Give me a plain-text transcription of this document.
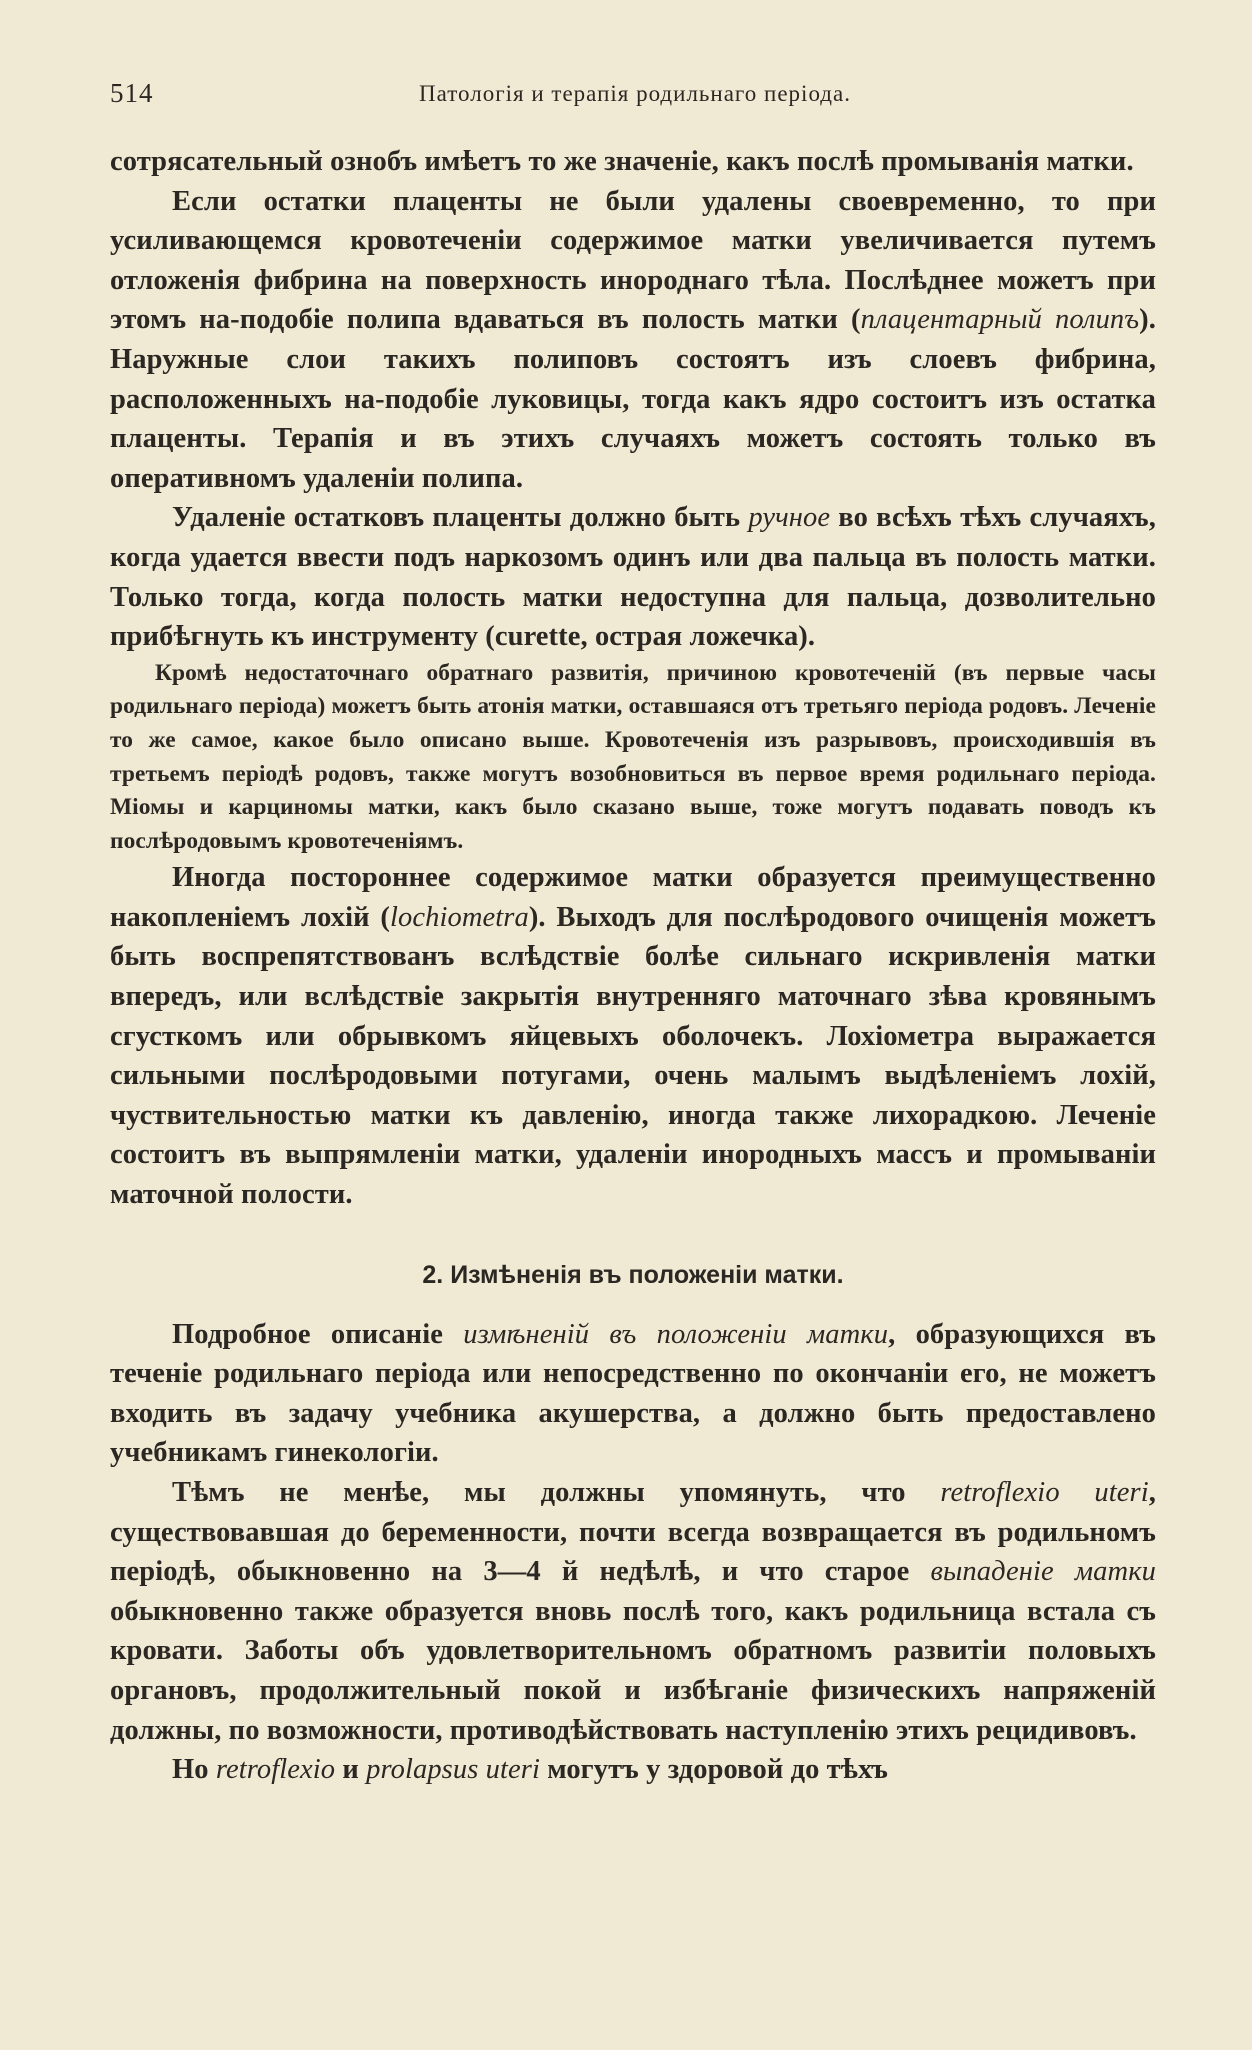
514	Патологія и терапія родильнаго періода.

сотрясательный ознобъ имѣетъ то же значеніе, какъ послѣ промыванія матки.

Если остатки плаценты не были удалены своевременно, то при усиливающемся кровотеченіи содержимое матки увеличивается путемъ отложенія фибрина на поверхность инороднаго тѣла. Послѣднее можетъ при этомъ на-подобіе полипа вдаваться въ полость матки (плацентарный полипъ). Наружные слои такихъ полиповъ состоятъ изъ слоевъ фибрина, расположенныхъ на-подобіе луковицы, тогда какъ ядро состоитъ изъ остатка плаценты. Терапія и въ этихъ случаяхъ можетъ состоять только въ оперативномъ удаленіи полипа.

Удаленіе остатковъ плаценты должно быть ручное во всѣхъ тѣхъ случаяхъ, когда удается ввести подъ наркозомъ одинъ или два пальца въ полость матки. Только тогда, когда полость матки недоступна для пальца, дозволительно прибѣгнуть къ инструменту (curette, острая ложечка).

Кромѣ недостаточнаго обратнаго развитія, причиною кровотеченій (въ первые часы родильнаго періода) можетъ быть атонія матки, оставшаяся отъ третьяго періода родовъ. Леченіе то же самое, какое было описано выше. Кровотеченія изъ разрывовъ, происходившія въ третьемъ періодѣ родовъ, также могутъ возобновиться въ первое время родильнаго періода. Міомы и карциномы матки, какъ было сказано выше, тоже могутъ подавать поводъ къ послѣродовымъ кровотеченіямъ.

Иногда постороннее содержимое матки образуется преимущественно накопленіемъ лохій (lochiometra). Выходъ для послѣродового очищенія можетъ быть воспрепятствованъ вслѣдствіе болѣе сильнаго искривленія матки впередъ, или вслѣдствіе закрытія внутренняго маточнаго зѣва кровянымъ сгусткомъ или обрывкомъ яйцевыхъ оболочекъ. Лохіометра выражается сильными послѣродовыми потугами, очень малымъ выдѣленіемъ лохій, чуствительностью матки къ давленію, иногда также лихорадкою. Леченіе состоитъ въ выпрямленіи матки, удаленіи инородныхъ массъ и промываніи маточной полости.

2. Измѣненія въ положеніи матки.

Подробное описаніе измѣненій въ положеніи матки, образующихся въ теченіе родильнаго періода или непосредственно по окончаніи его, не можетъ входить въ задачу учебника акушерства, а должно быть предоставлено учебникамъ гинекологіи.

Тѣмъ не менѣе, мы должны упомянуть, что retroflexio uteri, существовавшая до беременности, почти всегда возвращается въ родильномъ періодѣ, обыкновенно на 3—4 й недѣлѣ, и что старое выпаденіе матки обыкновенно также образуется вновь послѣ того, какъ родильница встала съ кровати. Заботы объ удовлетворительномъ обратномъ развитіи половыхъ органовъ, продолжительный покой и избѣганіе физическихъ напряженій должны, по возможности, противодѣйствовать наступленію этихъ рецидивовъ.

Но retroflexio и prolapsus uteri могутъ у здоровой до тѣхъ
